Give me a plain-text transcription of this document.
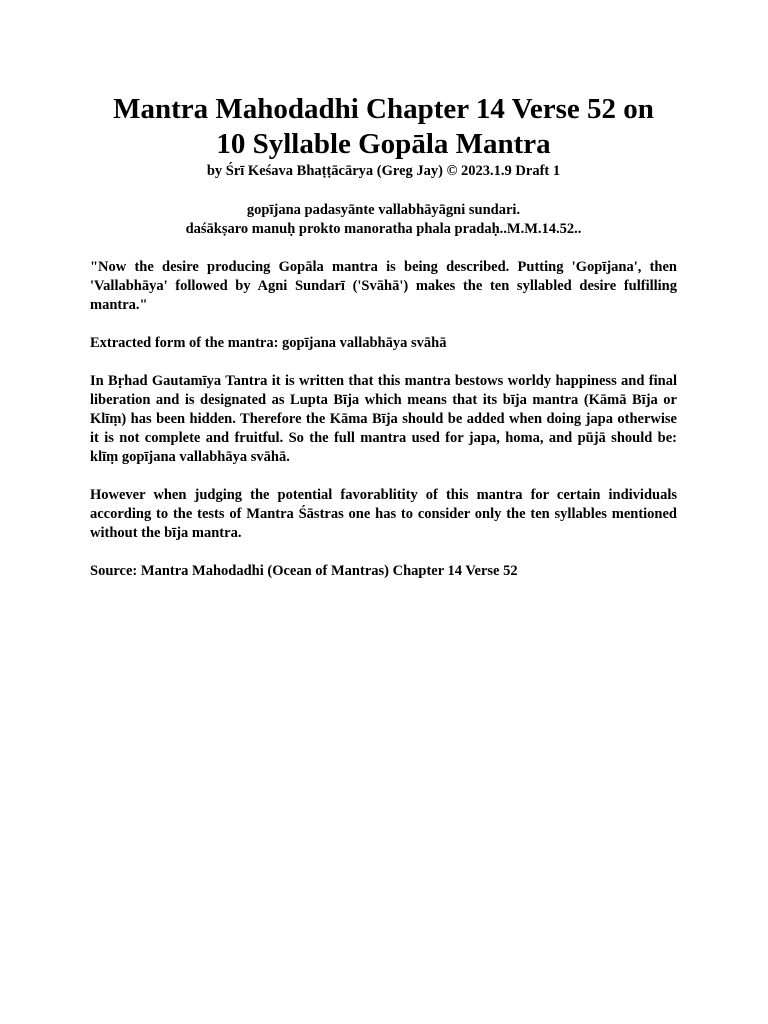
Mantra Mahodadhi Chapter 14 Verse 52 on
10 Syllable Gopāla Mantra

by Śrī Keśava Bhaṭṭācārya (Greg Jay) © 2023.1.9 Draft 1

gopījana padasyānte vallabhāyāgni sundari.
daśākṣaro manuḥ prokto manoratha phala pradaḥ..M.M.14.52..

"Now the desire producing Gopāla mantra is being described. Putting 'Gopījana', then 'Vallabhāya' followed by Agni Sundarī ('Svāhā') makes the ten syllabled desire fulfilling mantra."

Extracted form of the mantra: gopījana vallabhāya svāhā

In Bṛhad Gautamīya Tantra it is written that this mantra bestows worldy happiness and final liberation and is designated as Lupta Bīja which means that its bīja mantra (Kāmā Bīja or Klīṃ) has been hidden. Therefore the Kāma Bīja should be added when doing japa otherwise it is not complete and fruitful. So the full mantra used for japa, homa, and pūjā should be: klīṃ gopījana vallabhāya svāhā.

However when judging the potential favorablitity of this mantra for certain individuals according to the tests of Mantra Śāstras one has to consider only the ten syllables mentioned without the bīja mantra.

Source: Mantra Mahodadhi (Ocean of Mantras) Chapter 14 Verse 52
